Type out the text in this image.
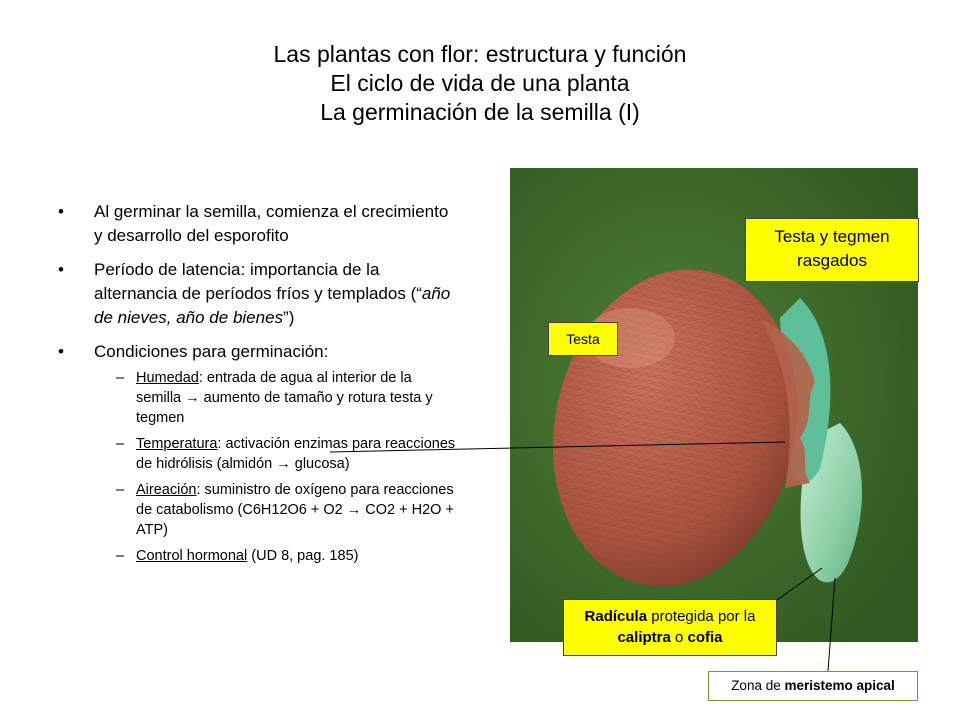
Las plantas con flor: estructura y función
El ciclo de vida de una planta
La germinación de la semilla (I)
• Al germinar la semilla, comienza el crecimiento y desarrollo del esporofito
• Período de latencia: importancia de la alternancia de períodos fríos y templados (“año de nieves, año de bienes”)
• Condiciones para germinación:
– Humedad: entrada de agua al interior de la semilla → aumento de tamaño y rotura testa y tegmen
– Temperatura: activación enzimas para reacciones de hidrólisis (almidón → glucosa)
– Aireación: suministro de oxígeno para reacciones de catabolismo (C6H12O6 + O2 → CO2 + H2O + ATP)
– Control hormonal (UD 8, pag. 185)
Testa y tegmen rasgados
Testa
Radícula protegida por la caliptra o cofia
Zona de meristemo apical
